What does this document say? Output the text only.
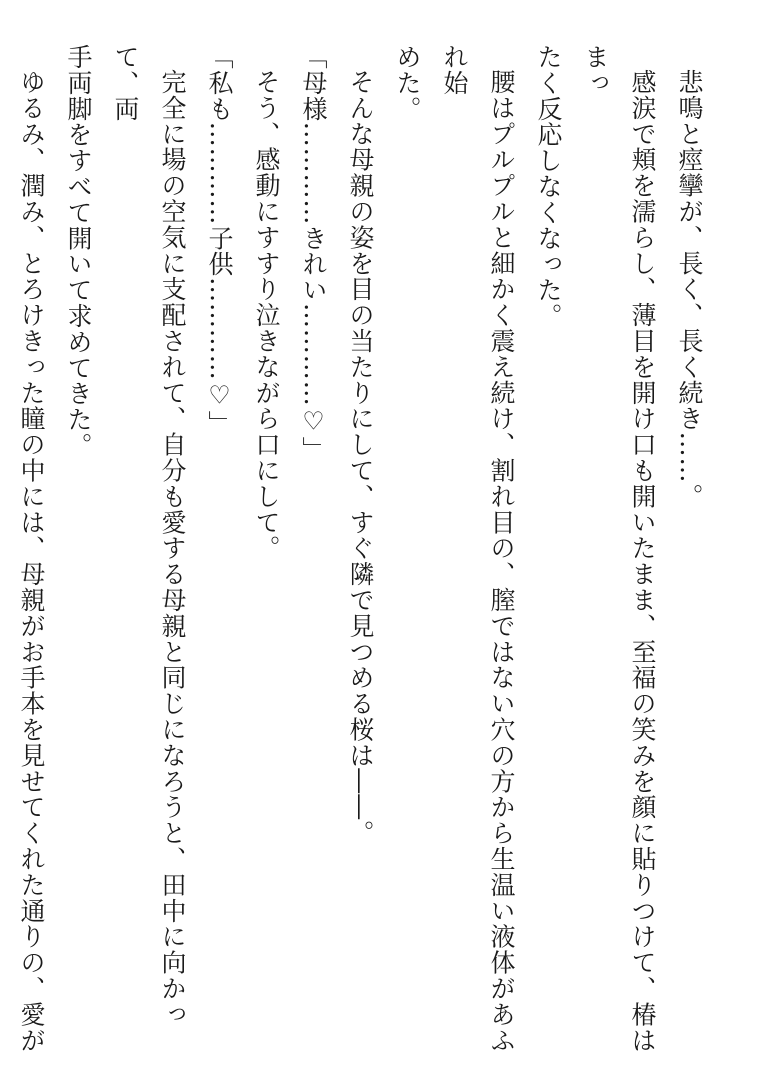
悲鳴と痙攣が、長く、長く続き……。

感涙で頬を濡らし、薄目を開け口も開いたまま、至福の笑みを顔に貼りつけて、椿はまっ

たく反応しなくなった。

腰はプルプルと細かく震え続け、割れ目の、膣ではない穴の方から生温い液体があふれ始

めた。

そんな母親の姿を目の当たりにして、すぐ隣で見つめる桜は――。

「母様…………きれい…………♡」

そう、感動にすすり泣きながら口にして。

「私も…………子供…………♡」

完全に場の空気に支配されて、自分も愛する母親と同じになろうと、田中に向かって、両

手両脚をすべて開いて求めてきた。

ゆるみ、潤み、とろけきった瞳の中には、母親がお手本を見せてくれた通りの、愛が
